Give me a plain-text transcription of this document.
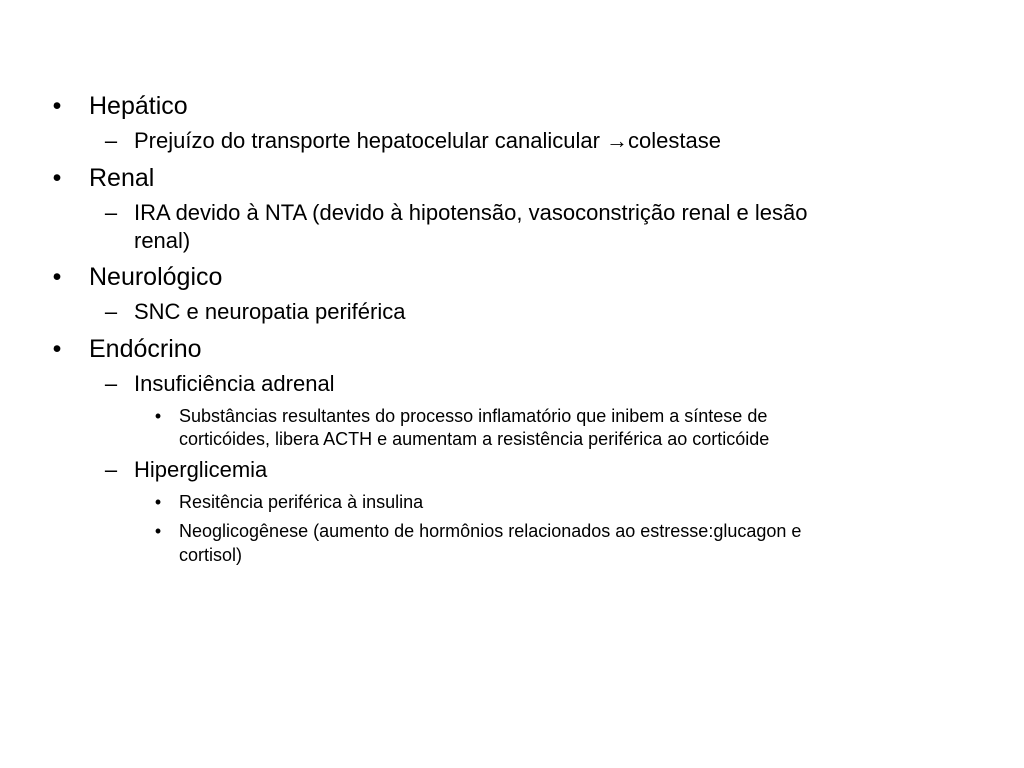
• Hepático
– Prejuízo do transporte hepatocelular canalicular →colestase
• Renal
– IRA devido à NTA (devido à hipotensão, vasoconstrição renal e lesão
renal)
• Neurológico
– SNC e neuropatia periférica
• Endócrino
– Insuficiência adrenal
• Substâncias resultantes do processo inflamatório que inibem a síntese de
corticóides, libera ACTH e aumentam a resistência periférica ao corticóide
– Hiperglicemia
• Resitência periférica à insulina
• Neoglicogênese (aumento de hormônios relacionados ao estresse:glucagon e
cortisol)
